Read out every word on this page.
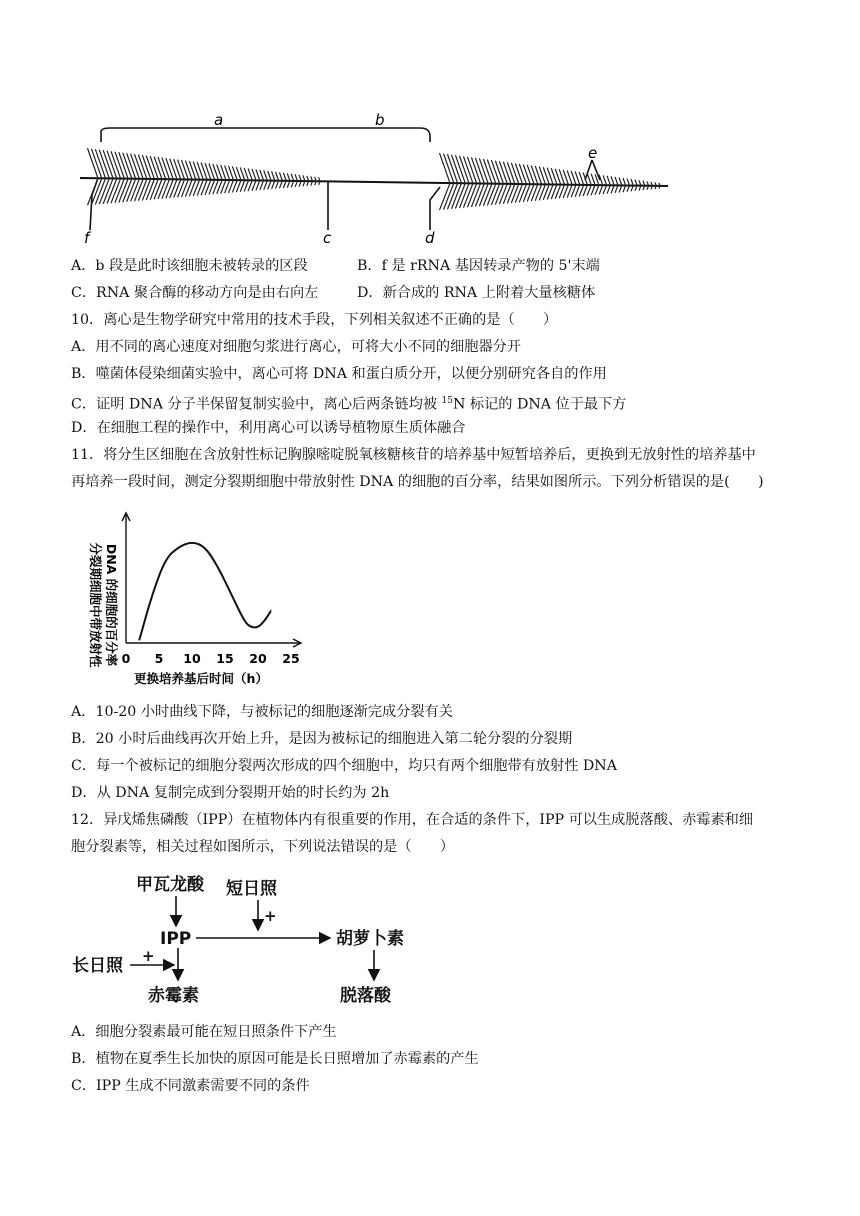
a	b
e
f	c	d
A．b 段是此时该细胞未被转录的区段	B．f 是 rRNA 基因转录产物的 5'末端
C．RNA 聚合酶的移动方向是由右向左	D．新合成的 RNA 上附着大量核糖体
10．离心是生物学研究中常用的技术手段，下列相关叙述不正确的是（　　）
A．用不同的离心速度对细胞匀浆进行离心，可将大小不同的细胞器分开
B．噬菌体侵染细菌实验中，离心可将 DNA 和蛋白质分开，以便分别研究各自的作用
C．证明 DNA 分子半保留复制实验中，离心后两条链均被 $^{15}$N 标记的 DNA 位于最下方
D．在细胞工程的操作中，利用离心可以诱导植物原生质体融合
11．将分生区细胞在含放射性标记胸腺嘧啶脱氧核糖核苷的培养基中短暂培养后，更换到无放射性的培养基中
再培养一段时间，测定分裂期细胞中带放射性 DNA 的细胞的百分率，结果如图所示。下列分析错误的是(　　)
分裂期细胞中带放射性 DNA 的细胞的百分率 0 5 10 15 20 25
更换培养基后时间（h）
A．10-20 小时曲线下降，与被标记的细胞逐渐完成分裂有关
B．20 小时后曲线再次开始上升，是因为被标记的细胞进入第二轮分裂的分裂期
C．每一个被标记的细胞分裂两次形成的四个细胞中，均只有两个细胞带有放射性 DNA
D．从 DNA 复制完成到分裂期开始的时长约为 2h
12．异戊烯焦磷酸（IPP）在植物体内有很重要的作用，在合适的条件下，IPP 可以生成脱落酸、赤霉素和细
胞分裂素等，相关过程如图所示，下列说法错误的是（　　）
甲瓦龙酸 短日照
IPP	胡萝卜素
长日照
赤霉素	脱落酸
+
+
A．细胞分裂素最可能在短日照条件下产生
B．植物在夏季生长加快的原因可能是长日照增加了赤霉素的产生
C．IPP 生成不同激素需要不同的条件
